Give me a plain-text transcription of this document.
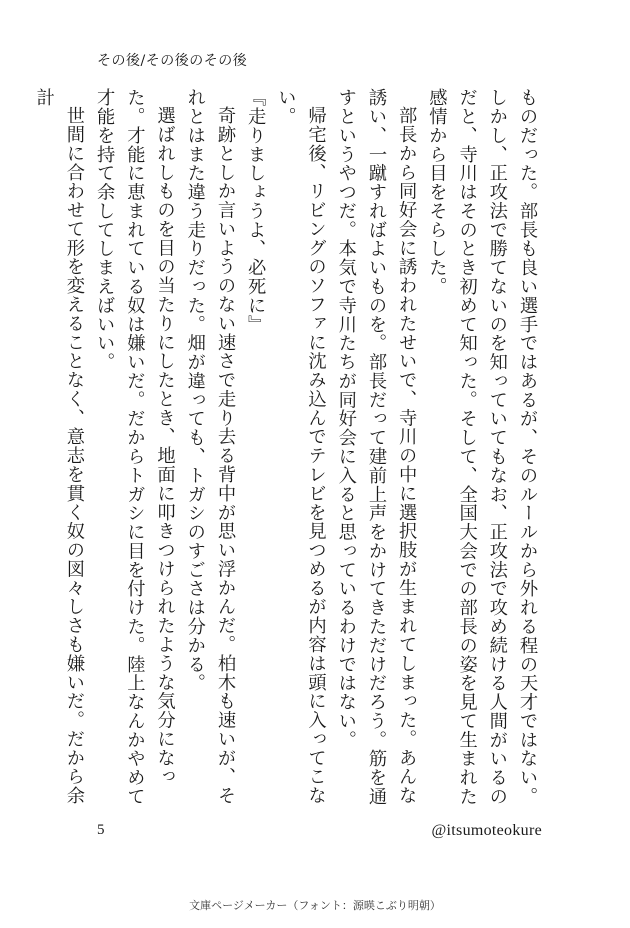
その後/その後のその後

ものだった。部長も良い選手ではあるが、そのルールから外れる程の天才ではない。しかし、正攻法で勝てないのを知っていてもなお、正攻法で攻め続ける人間がいるのだと、寺川はそのとき初めて知った。そして、全国大会での部長の姿を見て生まれた感情から目をそらした。

部長から同好会に誘われたせいで、寺川の中に選択肢が生まれてしまった。あんな誘い、一蹴すればよいものを。部長だって建前上声をかけてきただけだろう。筋を通すというやつだ。本気で寺川たちが同好会に入ると思っているわけではない。

帰宅後、リビングのソファに沈み込んでテレビを見つめるが内容は頭に入ってこない。

『走りましょうよ、必死に』

奇跡としか言いようのない速さで走り去る背中が思い浮かんだ。柏木も速いが、それとはまた違う走りだった。畑が違っても、トガシのすごさは分かる。

選ばれしものを目の当たりにしたとき、地面に叩きつけられたような気分になった。才能に恵まれている奴は嫌いだ。だからトガシに目を付けた。陸上なんかやめて才能を持て余してしまえばいい。

世間に合わせて形を変えることなく、意志を貫く奴の図々しさも嫌いだ。だから余計

5	@itsumoteokure
文庫ページメーカー（フォント：源暎こぶり明朝）
